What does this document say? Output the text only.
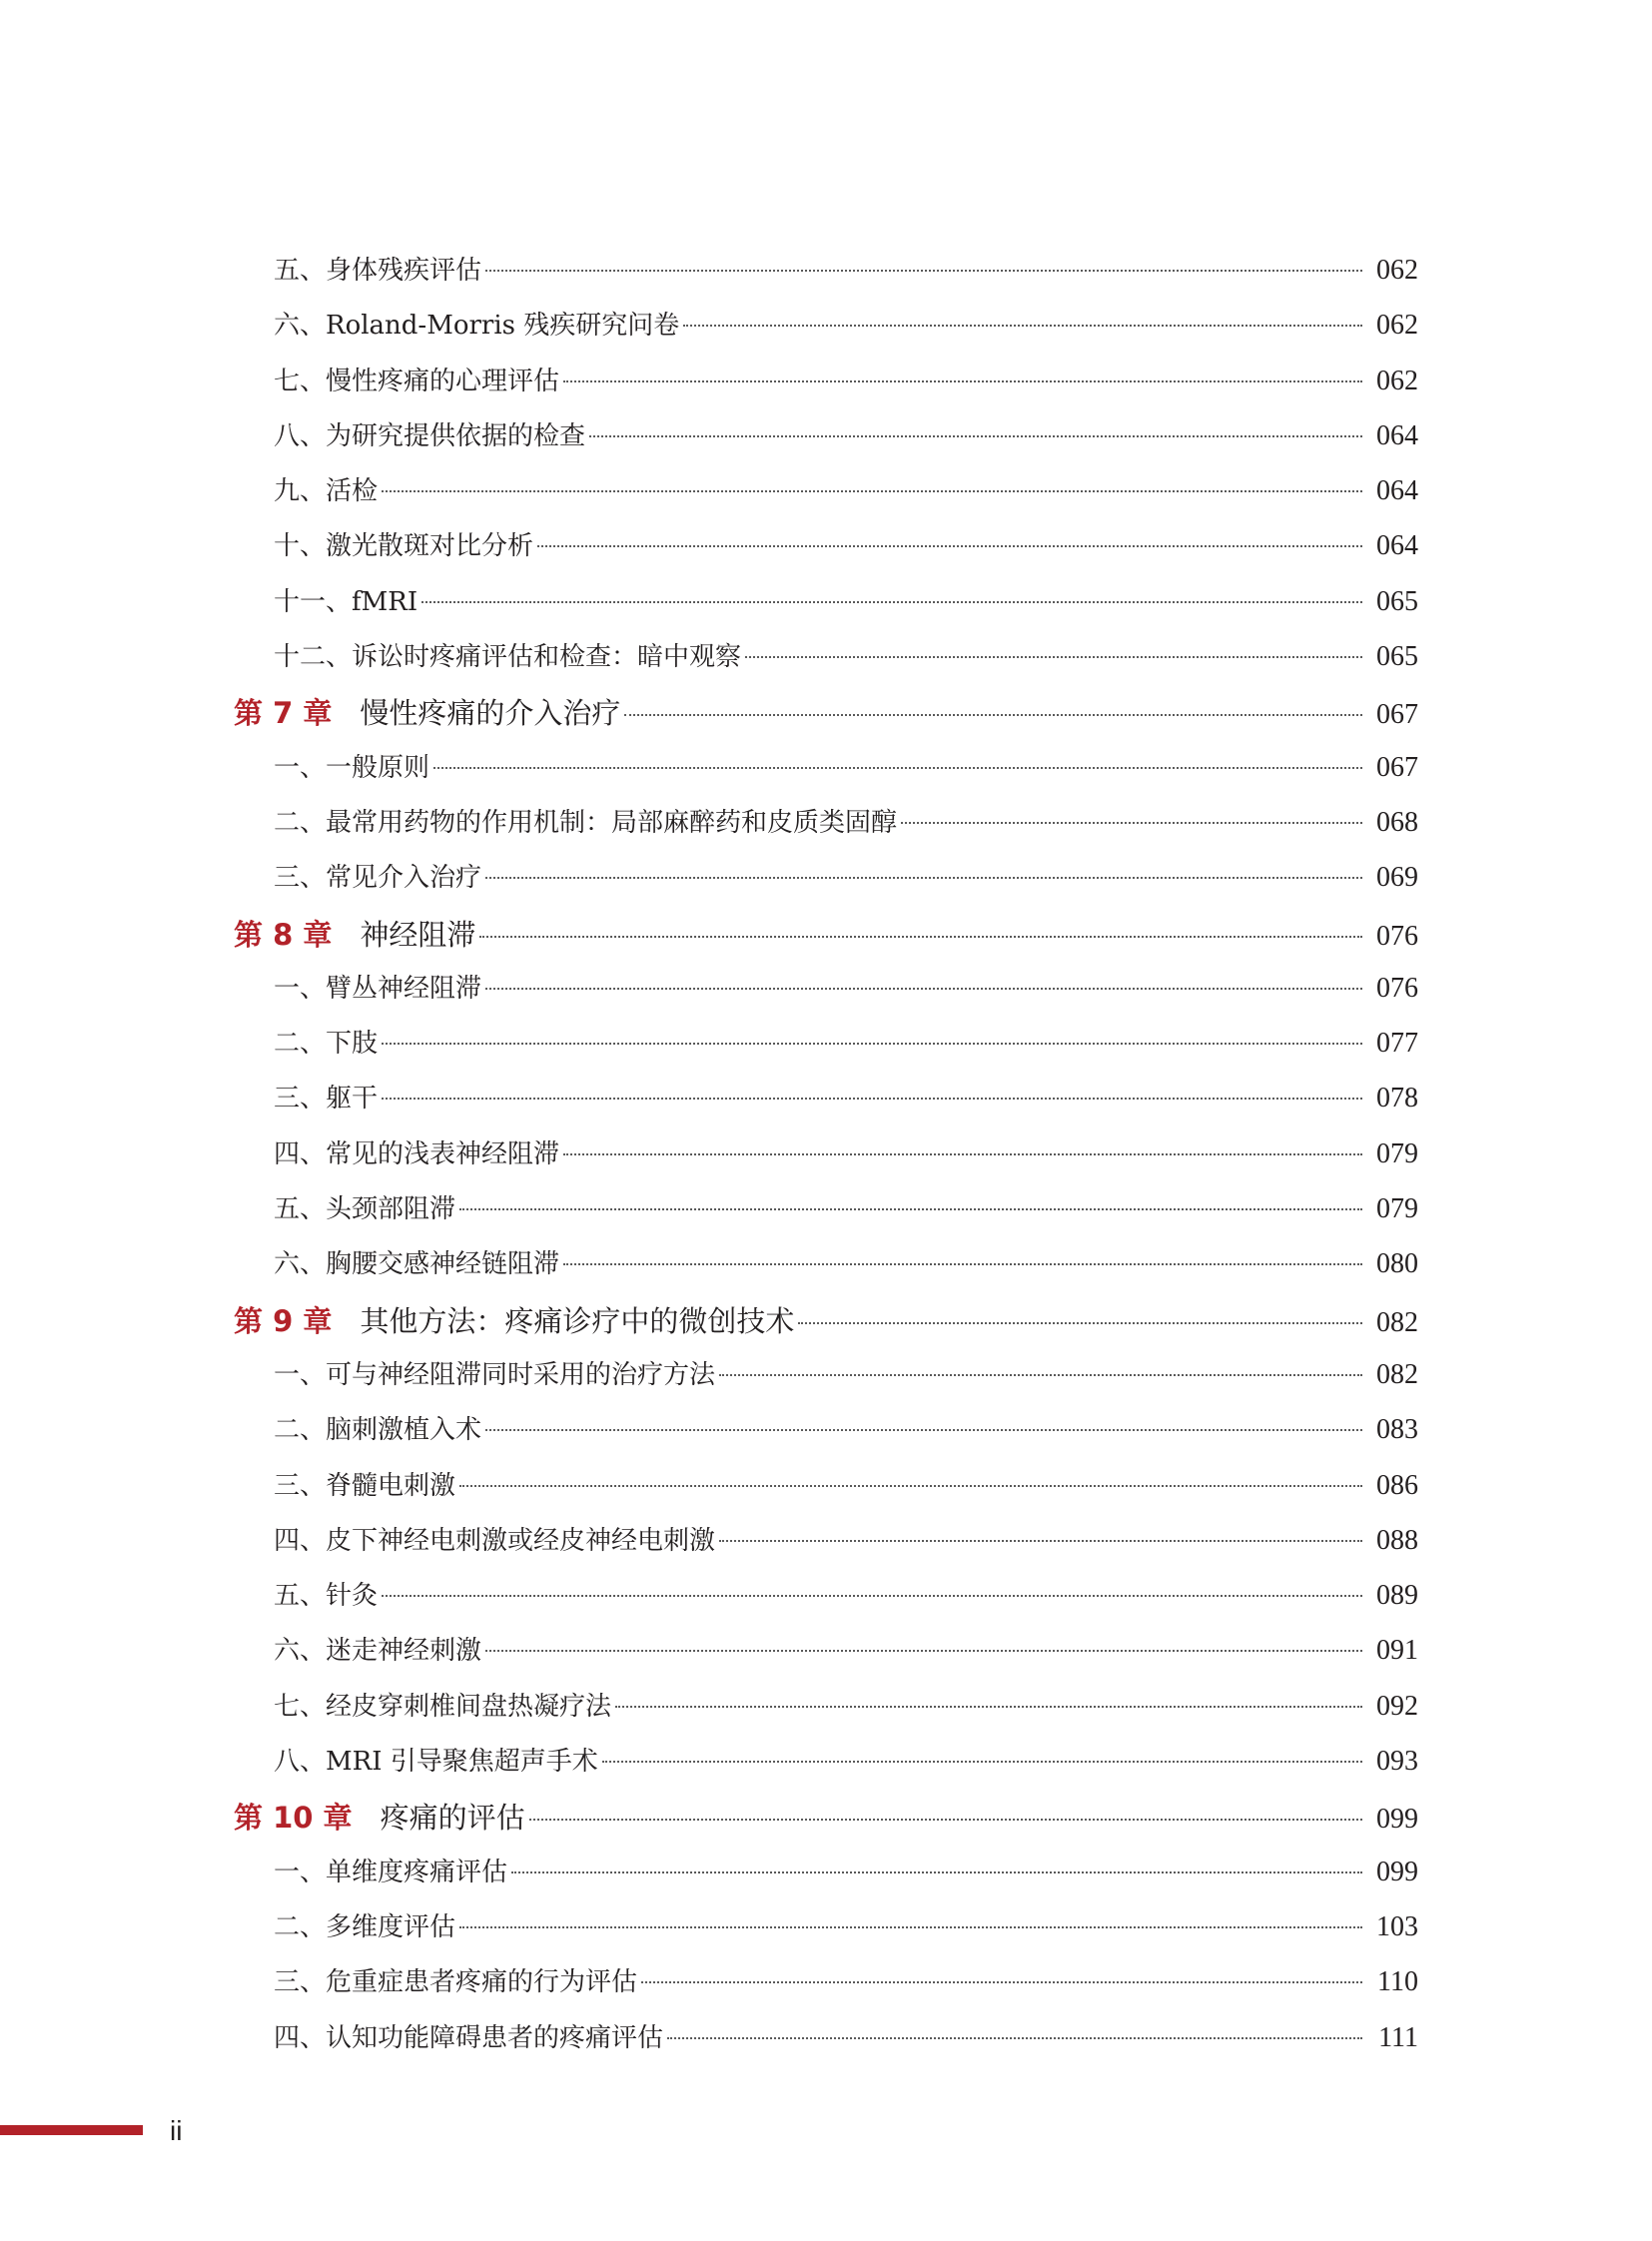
五、身体残疾评估	062
六、Roland-Morris 残疾研究问卷	062
七、慢性疼痛的心理评估	062
八、为研究提供依据的检查	064
九、活检	064
十、激光散斑对比分析	064
十一、fMRI	065
十二、诉讼时疼痛评估和检查：暗中观察	065
第 7 章 慢性疼痛的介入治疗	067
一、一般原则	067
二、最常用药物的作用机制：局部麻醉药和皮质类固醇	068
三、常见介入治疗	069
第 8 章 神经阻滞	076
一、臂丛神经阻滞	076
二、下肢	077
三、躯干	078
四、常见的浅表神经阻滞	079
五、头颈部阻滞	079
六、胸腰交感神经链阻滞	080
第 9 章 其他方法：疼痛诊疗中的微创技术	082
一、可与神经阻滞同时采用的治疗方法	082
二、脑刺激植入术	083
三、脊髓电刺激	086
四、皮下神经电刺激或经皮神经电刺激	088
五、针灸	089
六、迷走神经刺激	091
七、经皮穿刺椎间盘热凝疗法	092
八、MRI 引导聚焦超声手术	093
第 10 章 疼痛的评估	099
一、单维度疼痛评估	099
二、多维度评估	103
三、危重症患者疼痛的行为评估	110
四、认知功能障碍患者的疼痛评估	111
ii
